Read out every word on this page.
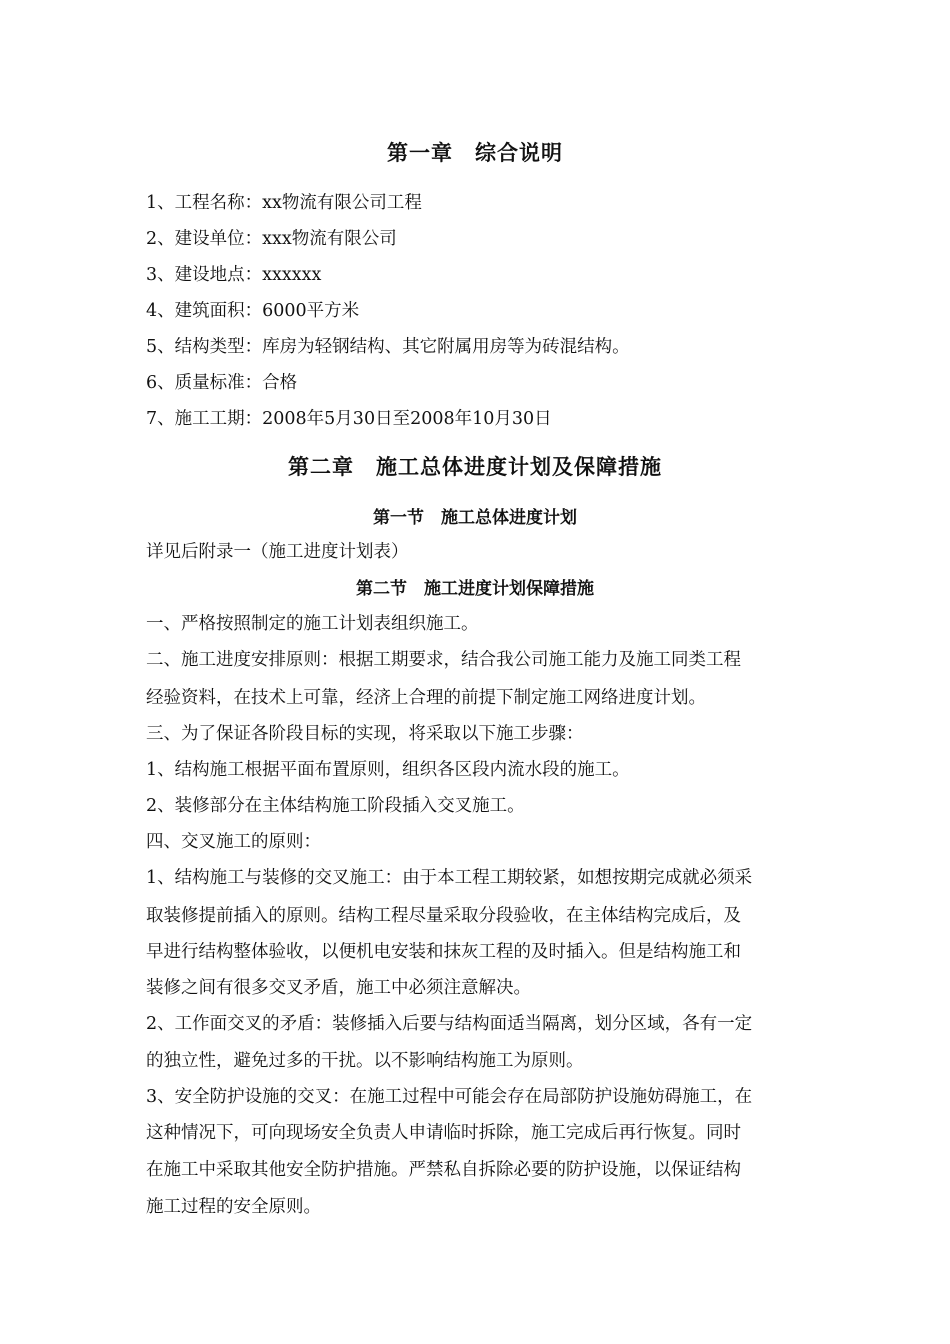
第一章　综合说明
1、工程名称：xx物流有限公司工程
2、建设单位：xxx物流有限公司
3、建设地点：xxxxxx
4、建筑面积：6000平方米
5、结构类型：库房为轻钢结构、其它附属用房等为砖混结构。
6、质量标准：合格
7、施工工期：2008年5月30日至2008年10月30日
第二章　施工总体进度计划及保障措施
第一节　施工总体进度计划
详见后附录一（施工进度计划表）
第二节　施工进度计划保障措施
一、严格按照制定的施工计划表组织施工。
二、施工进度安排原则：根据工期要求，结合我公司施工能力及施工同类工程
经验资料，在技术上可靠，经济上合理的前提下制定施工网络进度计划。
三、为了保证各阶段目标的实现，将采取以下施工步骤：
1、结构施工根据平面布置原则，组织各区段内流水段的施工。
2、装修部分在主体结构施工阶段插入交叉施工。
四、交叉施工的原则：
1、结构施工与装修的交叉施工：由于本工程工期较紧，如想按期完成就必须采
取装修提前插入的原则。结构工程尽量采取分段验收，在主体结构完成后，及
早进行结构整体验收，以便机电安装和抹灰工程的及时插入。但是结构施工和
装修之间有很多交叉矛盾，施工中必须注意解决。
2、工作面交叉的矛盾：装修插入后要与结构面适当隔离，划分区域，各有一定
的独立性，避免过多的干扰。以不影响结构施工为原则。
3、安全防护设施的交叉：在施工过程中可能会存在局部防护设施妨碍施工，在
这种情况下，可向现场安全负责人申请临时拆除，施工完成后再行恢复。同时
在施工中采取其他安全防护措施。严禁私自拆除必要的防护设施，以保证结构
施工过程的安全原则。
